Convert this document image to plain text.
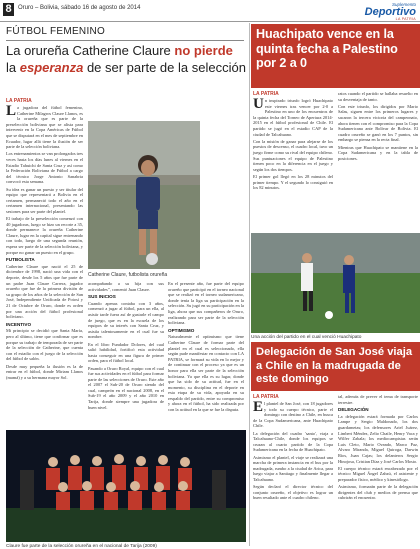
8	Oruro – Bolivia, sábado 16 de agosto de 2014
Suplemento
Deportivo
LA PATRIA
FÚTBOL FEMENINO
La orureña Catherine Claure no pierde
la esperanza de ser parte de la selección
LA PATRIA

La jugadora del fútbol femenino, Catherine Milagros Claure Llanos, es la orureña que es parte de la preselección boliviana que se alista para intervenir en la Copa Américas de Fútbol que se disputará en el mes de septiembre en Ecuador, lugar allá tiene la ilusión de ser parte de la selección boliviana.

Los entrenamientos se van prolongados tres veces hasta los días lunes al viernes en el Estadio Tahuichi de Santa Cruz y así como la Federación Boliviana de Fútbol a cargo del técnico Jorge Antonio Sanabria convocó esta semana.

Su idea es ganar un puesto y ser titular del equipo que representará a Bolivia en el certamen, permaneció todo el año en el certamen internacional, presentando las sesiones para ser parte del plantel.

El trabajo de la preselección comenzó con 40 jugadoras, luego se hizo un recorte a 35, donde permanece la orureña Catherine Claure, lugar en la capital sigue entrenando con todo, luego de una segunda reunión, espera ser parte de la selección boliviana, y porque no ganar un puesto en el grupo.

FUTBOLISTA

Catherine Claure que nació el 25 de diciembre de 1998, nació una vida con el deporte, desde los 5 años que fue parte de un padre Juan Claure Carrera, jugador orureño que fue de la primera división de su grupo de los años de la selección de San José, Independiente Unificada de Potosí y 21 de Octubre de Oruro, donde es orden por una acción del fútbol profesional boliviano.

INCENTIVO

Mi principio se decidió que Santa María, pero al último, tiene que confirmar que es porque su trabajo de temporada de ser parte de la selección de Catherine, que cuenta con el estadio con el juego de la selección del fútbol de salón.

Desde muy pequeña la ilusión es la de entrar en el fútbol, donde Miriam Llanos (mamá) y a su hermana mayor Sol.

Catherine Claure, futbolista orureña

acompañando a su hija con sus actividades”, comentó Juan Claure.

SUS INICIOS

Cuando apenas contaba con 3 años, comenzó a jugar al fútbol, para un ella, al asistir tarde fuera así de gustarle el campo de juego, que es en la escuela de los equipos de su interés con Santa Cruz, y asistía talentosamente en el cual fue su nombre.

En el libro Fundador Dolores, del cual salió habilidad, fortificó esta actividad hasta conseguir en una figura de primer orden, para el fútbol local.

Pasando a Oruro Royal, equipo con el cual fue sus actividades en el fútbol para formar parte de las selecciones de Oruro. Este año el 2007 el Sub-20 de Oruro siendo del cual, campeón en el nacional 2008, en el Sub-19 el año 2009 y el año 2010 en Tarija, donde siempre una jugadora de buen nivel.

En el presente año, fue parte del equipo orureño que participó en el torneo nacional que se realizó en el torneo sudamericano, donde tenía la liga su participación en la selección. Su jugó en su participación en la liga, ahora que sus compañeros de Oruro, realizando para ser parte de la selección boliviana.

OPTIMISMO

Naturalmente el optimismo que tiene Catherine Claure de formar parte del plantel en el cual es seleccionado, ella según pude manifestar en contacto con LA PATRIA, se formará su vida en lo mejor y de continuar con el proceso ya que es un honor para ella ser parte de la selección boliviana. Ya que ella es su lugar, donde que ha sido de su actitud, fue en el momento, su disciplina en el deporte en esta etapa de su vida, apoyada en su respaldo del partido, entre su compromiso y ahora en el fútbol, ha sido realizada por con la actitud en la que se fue la disputa.

Claure fue parte de la selección orureña en el nacional de Tarija (2009)
Huachipato vence en la quinta fecha a Palestino por 2 a 0
LA PATRIA

Un inspirado triunfo logró Huachipato este viernes tras vencer por 2-0 a Palestino en uno de los encuentros de la quinta fecha del Torneo de Apertura 2014-2015 en el fútbol profesional de Chile. El partido se jugó en el estadio CAP de la ciudad de Talcahuano.

Con la misión de ganar para alejarse de los puestos de descenso, el cuadro local, tuvo un juego firme como su rival del equipo chileno. Sus puntuaciones el equipo de Palestino tienen poco en la diferencia en el juego y según los dos tiempos.

El primer gol llegó en los 28 minutos del primer tiempo. Y el segundo lo consiguió en los 82 minutos.

ratos cuando el partido se hallaba resuelto en su desventaja de tanto.

Con este triunfo, los dirigidos por Mario Salas, siguen entre los primeros lugares y sacaron la tercera victoria del campeonato, ahora tienen con el compromiso para la Copa Sudamericana ante Bolívar de Bolivia. El cuadro orureño se ganó en los 7 puntos, sin embargo se piensa en la recta final.

Mientras que Huachipato se mantiene en la Copa Sudamericana y en la tabla de posiciones.

Una acción del partido en el cual venció Huachipato
Delegación de San José viaja a Chile en la madrugada de este domingo
LA PATRIA

El plantel de San José, con 18 jugadores y todo su cuerpo técnico, parte el domingo con destino a Chile, en busca de la Copa Sudamericana, ante Huachipato Chile.

La delegación del cuadro 'santo', viaja a Talcahuano-Chile, donde los equipos se cruzan al cuarto partido de la Copa Sudamericana en la fecha de Huachipato.

Asimismo el plantel, el viaje se realizará una marcha de primera instancia en el bus por la madrugada, rumbo a la ciudad de Arica, para luego viajar a Santiago y finalmente llegar a Talcahuano.

Según declaró el director técnico del conjunto orureño, el objetivo es lograr un buen resultado ante el cuadro chileno.

tal, además de prever el tema de transporte terrestre.

DELEGACIÓN

La delegación estará formada por Carlos Lampe y Sergio Maldonado, los dos guardametas; los defensores Ariel Juárez, Limbert Méndez, Zelio Chaile, Henry Vaca y Wilfer Zabala; los mediocampistas serán Luis Cleto, Mario Ovando, Marco Paz, Alvaro Miranda, Miguel Quiroga, Darwin Ríos, Juan Cajas; los delanteros Sergio Hinojosa, Cristian Díaz y José Carlos Mosto.

El cuerpo técnico estará encabezado por el técnico Miguel Ángel Zahzú, el asistente y preparador físico, médico y kinesiólogo.

Asimismo, formarán parte de la delegación dirigentes del club y medios de prensa que cubrirán el encuentro.
